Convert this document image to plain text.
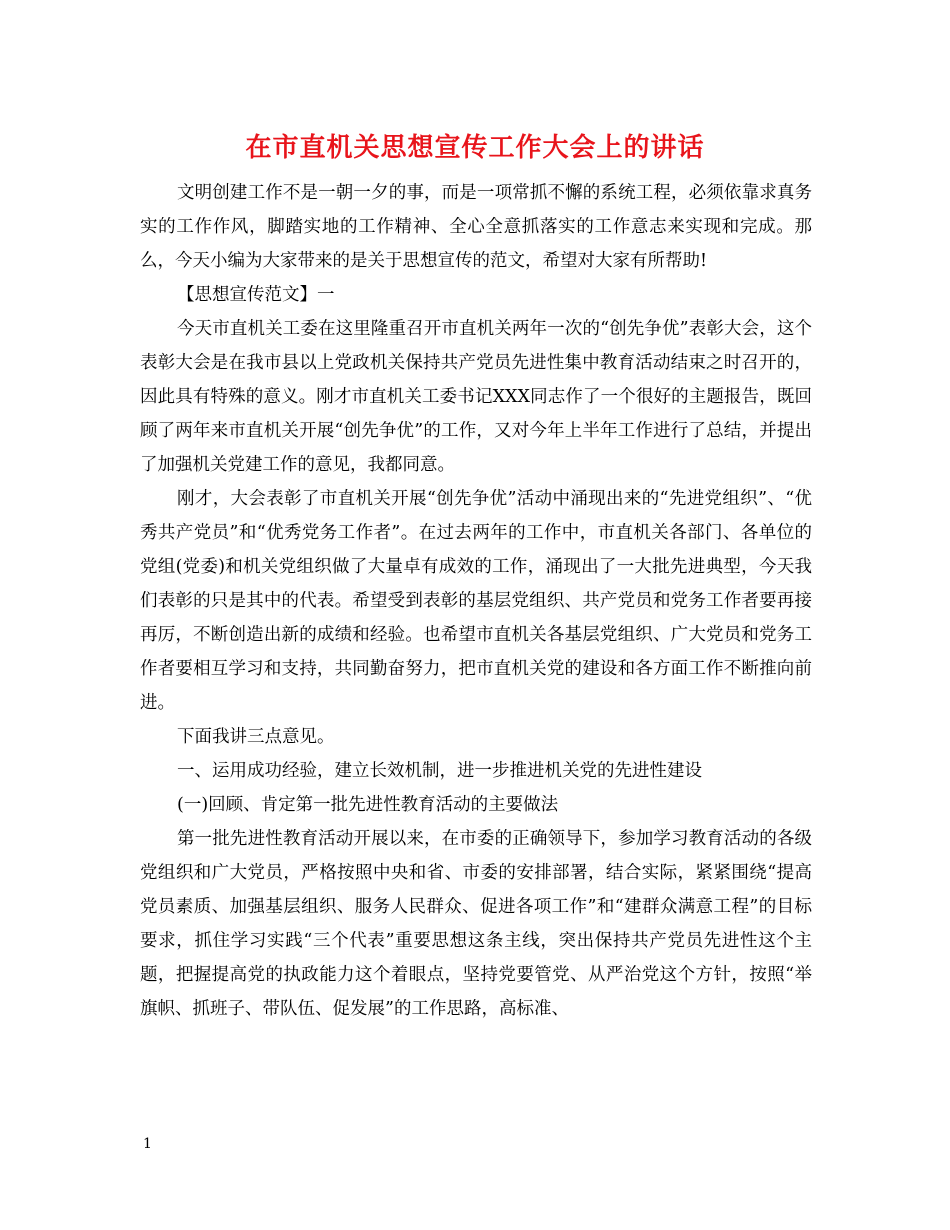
在市直机关思想宣传工作大会上的讲话

文明创建工作不是一朝一夕的事，而是一项常抓不懈的系统工程，必须依靠求真务实的工作作风，脚踏实地的工作精神、全心全意抓落实的工作意志来实现和完成。那么，今天小编为大家带来的是关于思想宣传的范文，希望对大家有所帮助!

【思想宣传范文】一

今天市直机关工委在这里隆重召开市直机关两年一次的“创先争优”表彰大会，这个表彰大会是在我市县以上党政机关保持共产党员先进性集中教育活动结束之时召开的，因此具有特殊的意义。刚才市直机关工委书记XXX同志作了一个很好的主题报告，既回顾了两年来市直机关开展“创先争优”的工作，又对今年上半年工作进行了总结，并提出了加强机关党建工作的意见，我都同意。

刚才，大会表彰了市直机关开展“创先争优”活动中涌现出来的“先进党组织”、“优秀共产党员”和“优秀党务工作者”。在过去两年的工作中，市直机关各部门、各单位的党组(党委)和机关党组织做了大量卓有成效的工作，涌现出了一大批先进典型，今天我们表彰的只是其中的代表。希望受到表彰的基层党组织、共产党员和党务工作者要再接再厉，不断创造出新的成绩和经验。也希望市直机关各基层党组织、广大党员和党务工作者要相互学习和支持，共同勤奋努力，把市直机关党的建设和各方面工作不断推向前进。

下面我讲三点意见。

一、运用成功经验，建立长效机制，进一步推进机关党的先进性建设

(一)回顾、肯定第一批先进性教育活动的主要做法

第一批先进性教育活动开展以来，在市委的正确领导下，参加学习教育活动的各级党组织和广大党员，严格按照中央和省、市委的安排部署，结合实际，紧紧围绕“提高党员素质、加强基层组织、服务人民群众、促进各项工作”和“建群众满意工程”的目标要求，抓住学习实践“三个代表”重要思想这条主线，突出保持共产党员先进性这个主题，把握提高党的执政能力这个着眼点，坚持党要管党、从严治党这个方针，按照“举旗帜、抓班子、带队伍、促发展”的工作思路，高标准、

1
